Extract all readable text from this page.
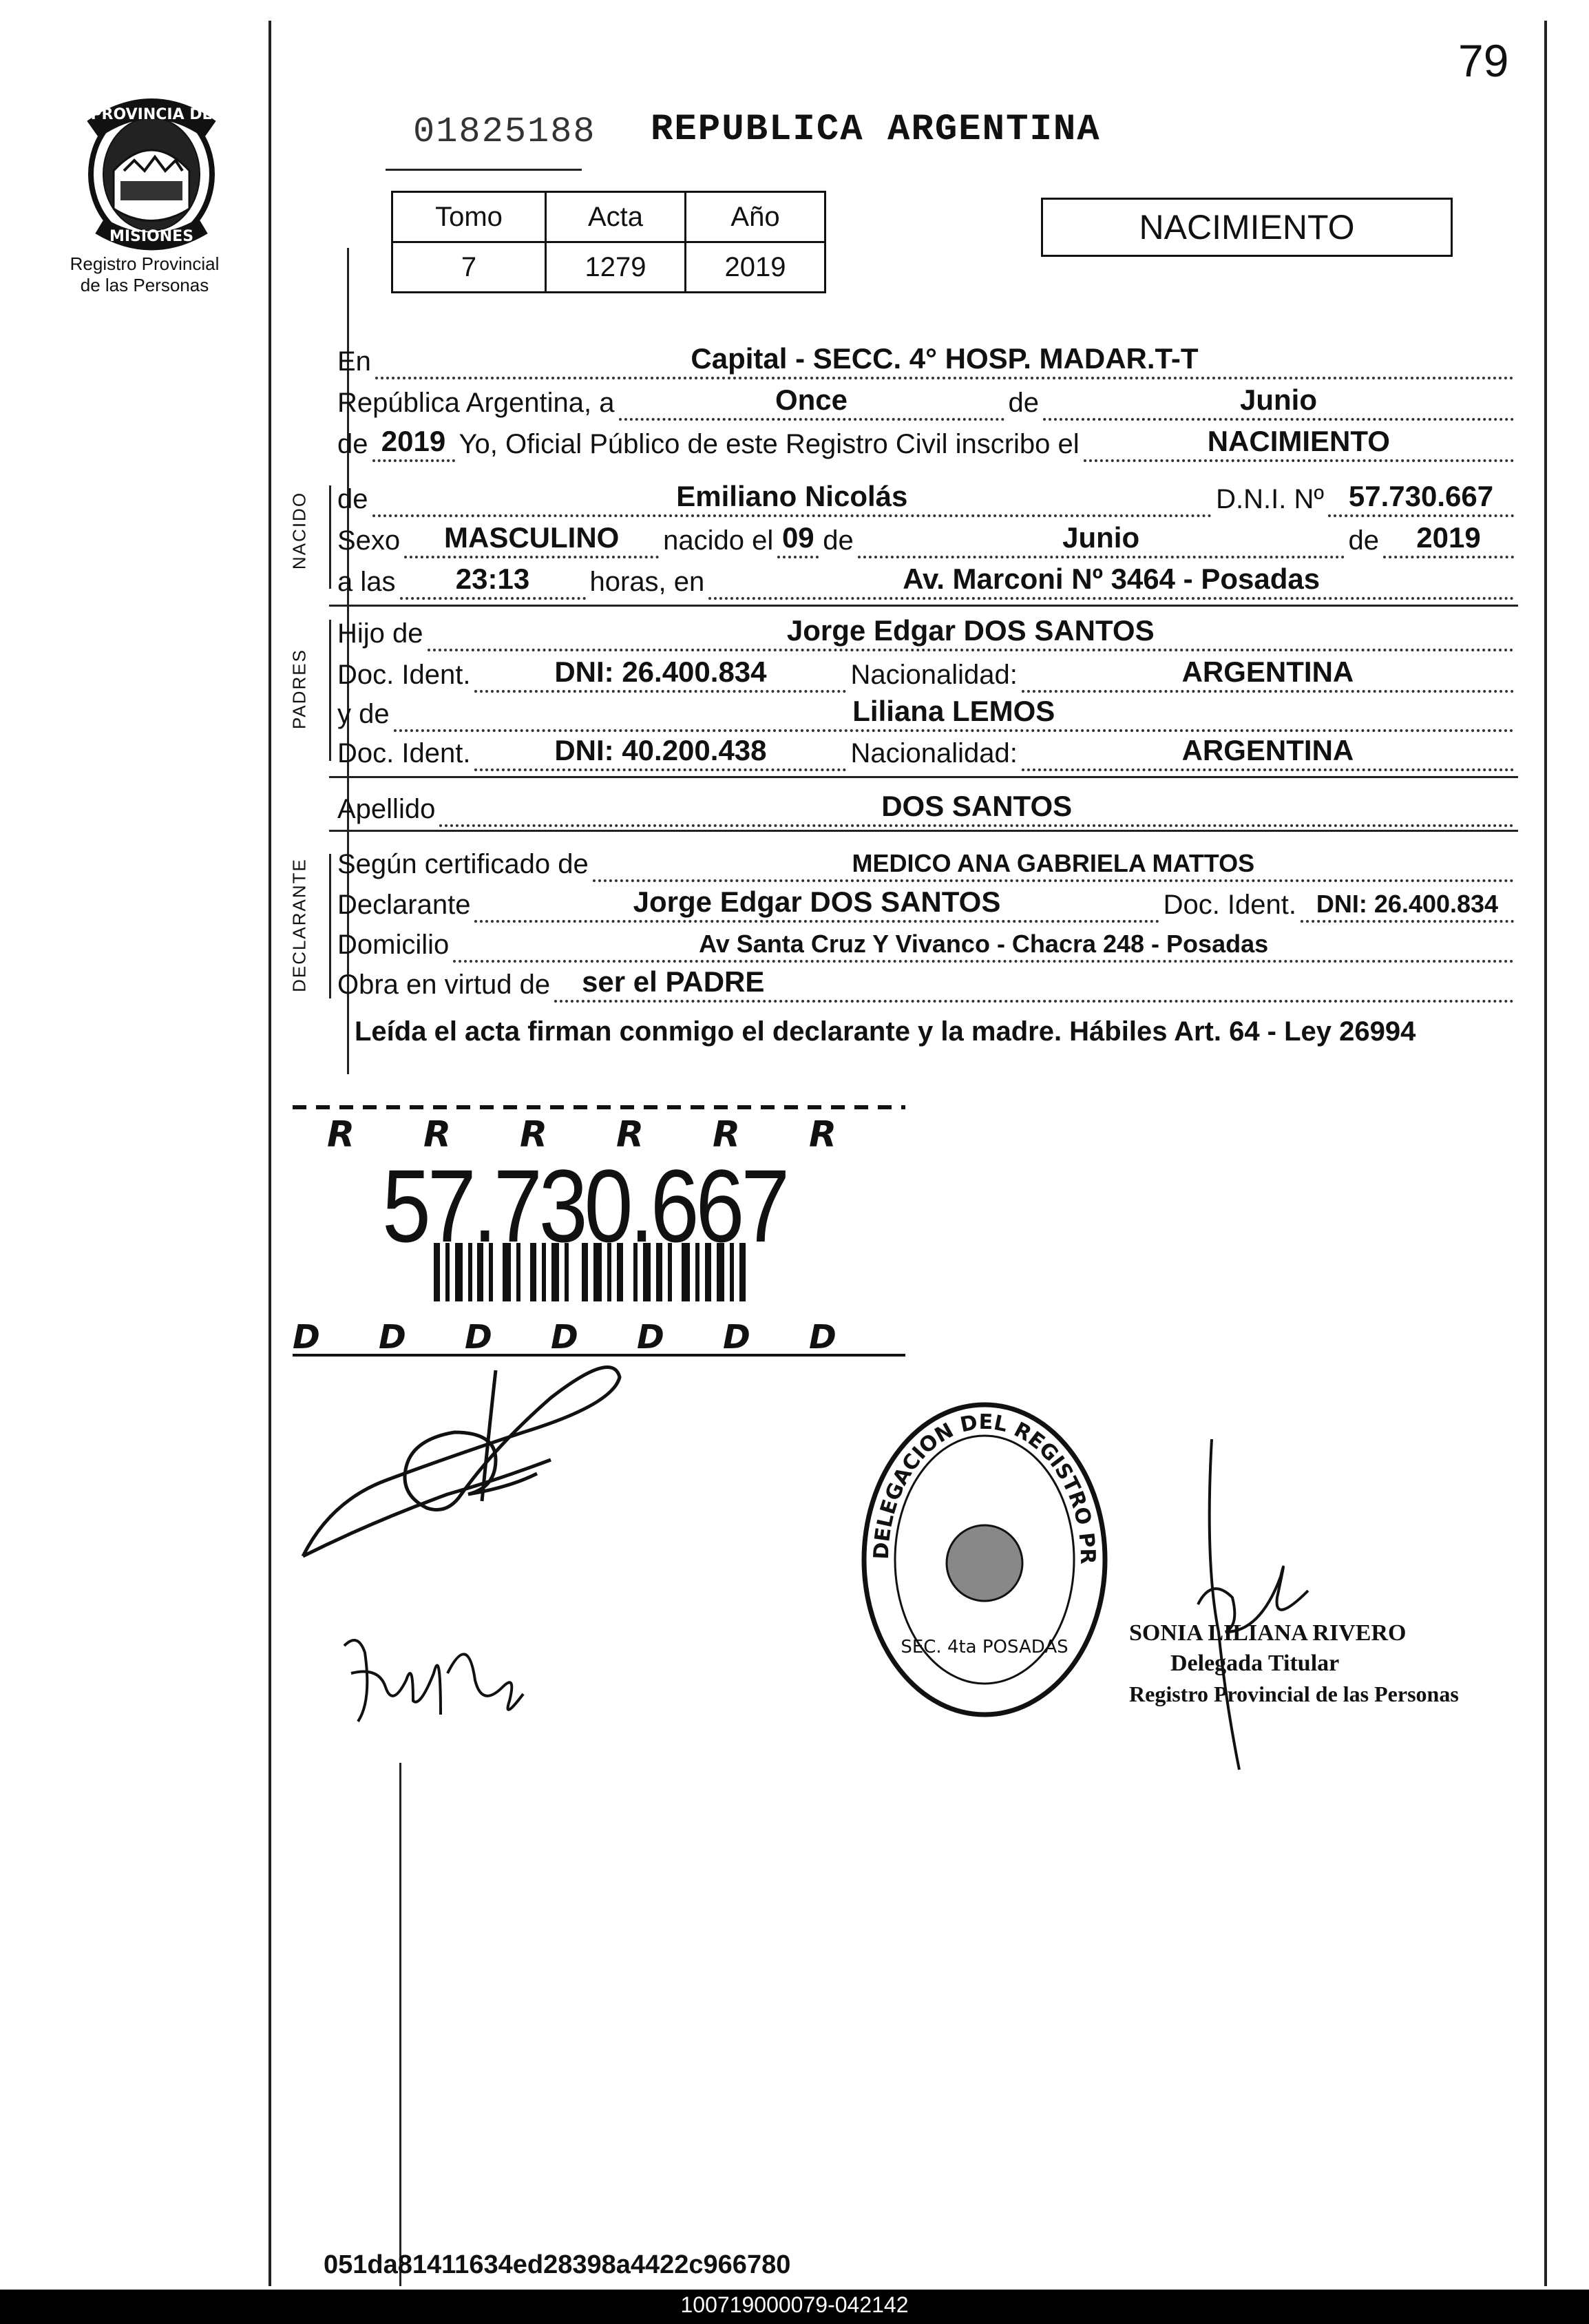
79
PROVINCIA DE
MISIONES
Registro Provincial
de las Personas
01825188 REPUBLICA ARGENTINA
Tomo	Acta	Año
7	1279	2019
NACIMIENTO
En	Capital - SECC. 4° HOSP. MADAR.T-T
República Argentina, a	Once	de	Junio
de 2019 Yo, Oficial Público de este Registro Civil inscribo el	NACIMIENTO
NACIDO de	Emiliano Nicolás	D.N.I. Nº 57.730.667
Sexo	MASCULINO	nacido el 09 de	Junio	de	2019
a las	23:13	horas, en	Av. Marconi Nº 3464 - Posadas
PADRES
Hijo de	Jorge Edgar DOS SANTOS
Doc. Ident.	DNI: 26.400.834	Nacionalidad:	ARGENTINA
y de	Liliana LEMOS
Doc. Ident.	DNI: 40.200.438	Nacionalidad:	ARGENTINA
Apellido	DOS SANTOS
DECLARANTE Según certificado de	MEDICO ANA GABRIELA MATTOS
Declarante	Jorge Edgar DOS SANTOS	Doc. Ident. DNI: 26.400.834
Domicilio	Av Santa Cruz Y Vivanco - Chacra 248 - Posadas
Obra en virtud de	ser el PADRE
Leída el acta firman conmigo el declarante y la madre. Hábiles Art. 64 - Ley 26994
R R R R R R
D D D D D D D
57.730.667
DELEGACION DEL REGISTRO PR
SEC. 4ta POSADAS
SONIA LILIANA RIVERO
Delegada Titular
Registro Provincial de las Personas
051da81411634ed28398a4422c966780
100719000079-042142
